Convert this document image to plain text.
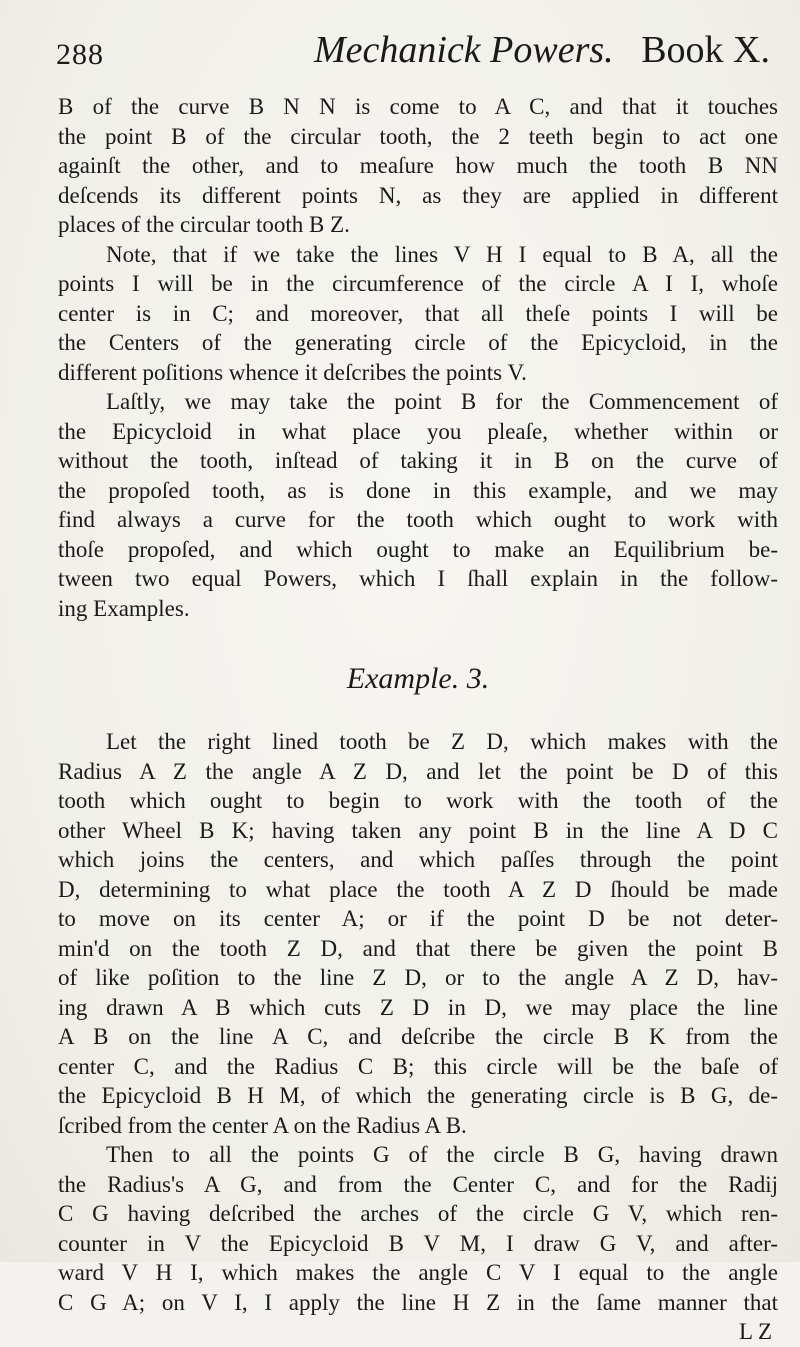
288	Mechanick Powers. Book X.
B of the curve B N N is come to A C, and that it touches
the point B of the circular tooth, the 2 teeth begin to act one
againſt the other, and to meaſure how much the tooth B NN
deſcends its different points N, as they are applied in different
places of the circular tooth B Z.
Note, that if we take the lines V H I equal to B A, all the
points I will be in the circumference of the circle A I I, whoſe
center is in C; and moreover, that all theſe points I will be
the Centers of the generating circle of the Epicycloid, in the
different poſitions whence it deſcribes the points V.
Laſtly, we may take the point B for the Commencement of
the Epicycloid in what place you pleaſe, whether within or
without the tooth, inſtead of taking it in B on the curve of
the propoſed tooth, as is done in this example, and we may
find always a curve for the tooth which ought to work with
thoſe propoſed, and which ought to make an Equilibrium be-
tween two equal Powers, which I ſhall explain in the follow-
ing Examples.
Example. 3.
Let the right lined tooth be Z D, which makes with the
Radius A Z the angle A Z D, and let the point be D of this
tooth which ought to begin to work with the tooth of the
other Wheel B K; having taken any point B in the line A D C
which joins the centers, and which paſſes through the point
D, determining to what place the tooth A Z D ſhould be made
to move on its center A; or if the point D be not deter-
min'd on the tooth Z D, and that there be given the point B
of like poſition to the line Z D, or to the angle A Z D, hav-
ing drawn A B which cuts Z D in D, we may place the line
A B on the line A C, and deſcribe the circle B K from the
center C, and the Radius C B; this circle will be the baſe of
the Epicycloid B H M, of which the generating circle is B G, de-
ſcribed from the center A on the Radius A B.
Then to all the points G of the circle B G, having drawn
the Radius's A G, and from the Center C, and for the Radij
C G having deſcribed the arches of the circle G V, which ren-
counter in V the Epicycloid B V M, I draw G V, and after-
ward V H I, which makes the angle C V I equal to the angle
C G A; on V I, I apply the line H Z in the ſame manner that
L Z
